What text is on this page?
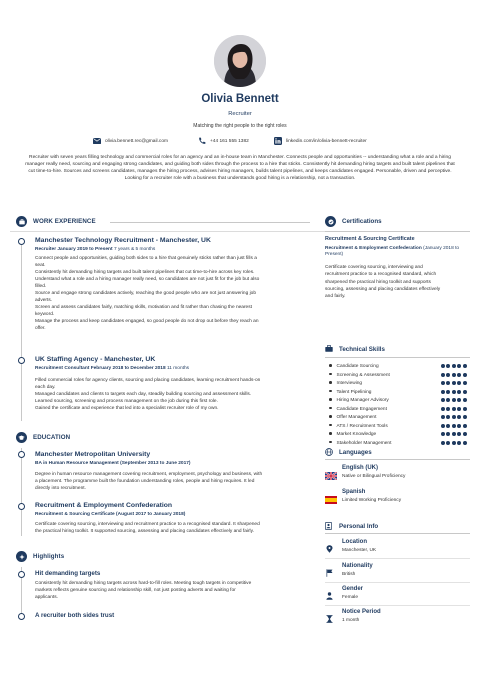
Olivia Bennett
Recruiter
Matching the right people to the right roles
olivia.bennett.rec@gmail.com	+44 161 555 1382	linkedin.com/in/olivia-bennett-recruiter
Recruiter with seven years filling technology and commercial roles for an agency and an in-house team in Manchester. Connects people and opportunities -- understanding what a role and a hiring manager really need, sourcing and engaging strong candidates, and guiding both sides through the process to a hire that sticks. Consistently hit demanding hiring targets and built talent pipelines that cut time-to-hire. Sources and screens candidates, manages the hiring process, advises hiring managers, builds talent pipelines, and keeps candidates engaged. Personable, driven and perceptive. Looking for a recruiter role with a business that understands good hiring is a relationship, not a transaction.
WORK EXPERIENCE
Manchester Technology Recruitment - Manchester, UK
Recruiter January 2019 to Present 7 years & 5 months
Connect people and opportunities, guiding both sides to a hire that genuinely sticks rather than just fills a
seat.
Consistently hit demanding hiring targets and built talent pipelines that cut time-to-hire across key roles.
Understand what a role and a hiring manager really need, so candidates are not just fit for the job but also
filled.
Source and engage strong candidates actively, reaching the good people who are not just answering job
adverts.
Screen and assess candidates fairly, matching skills, motivation and fit rather than chasing the nearest
keyword.
Manage the process and keep candidates engaged, so good people do not drop out before they reach an
offer.
UK Staffing Agency - Manchester, UK
Recruitment Consultant February 2018 to December 2018 11 months
Filled commercial roles for agency clients, sourcing and placing candidates, learning recruitment hands-on
each day.
Managed candidates and clients to targets each day, steadily building sourcing and assessment skills.
Learned sourcing, screening and process management on the job during this first role.
Gained the certificate and experience that led into a specialist recruiter role of my own.
EDUCATION
Manchester Metropolitan University
BA in Human Resource Management (September 2013 to June 2017)
Degree in human resource management covering recruitment, employment, psychology and business, with
a placement. The programme built the foundation understanding roles, people and hiring requires. It led
directly into recruitment.
Recruitment & Employment Confederation
Recruitment & Sourcing Certificate (August 2017 to January 2018)
Certificate covering sourcing, interviewing and recruitment practice to a recognised standard. It sharpened
the practical hiring toolkit. It supported sourcing, assessing and placing candidates effectively and fairly.
Highlights
Hit demanding targets
Consistently hit demanding hiring targets across hard-to-fill roles. Meeting tough targets in competitive
markets reflects genuine sourcing and relationship skill, not just posting adverts and waiting for
applicants.
A recruiter both sides trust
Certifications
Recruitment & Sourcing Certificate
Recruitment & Employment Confederation (January 2018 to Present)
Certificate covering sourcing, interviewing and
recruitment practice to a recognised standard, which
sharpened the practical hiring toolkit and supports
sourcing, assessing and placing candidates effectively
and fairly.
Technical Skills
Candidate Sourcing
Screening & Assessment
Interviewing
Talent Pipelining
Hiring Manager Advisory
Candidate Engagement
Offer Management
ATS / Recruitment Tools
Market Knowledge
Stakeholder Management
Languages
English (UK)
Native or Bilingual Proficiency
Spanish
Limited Working Proficiency
Personal Info
Location
Manchester, UK
Nationality
British
Gender
Female
Notice Period
1 month
